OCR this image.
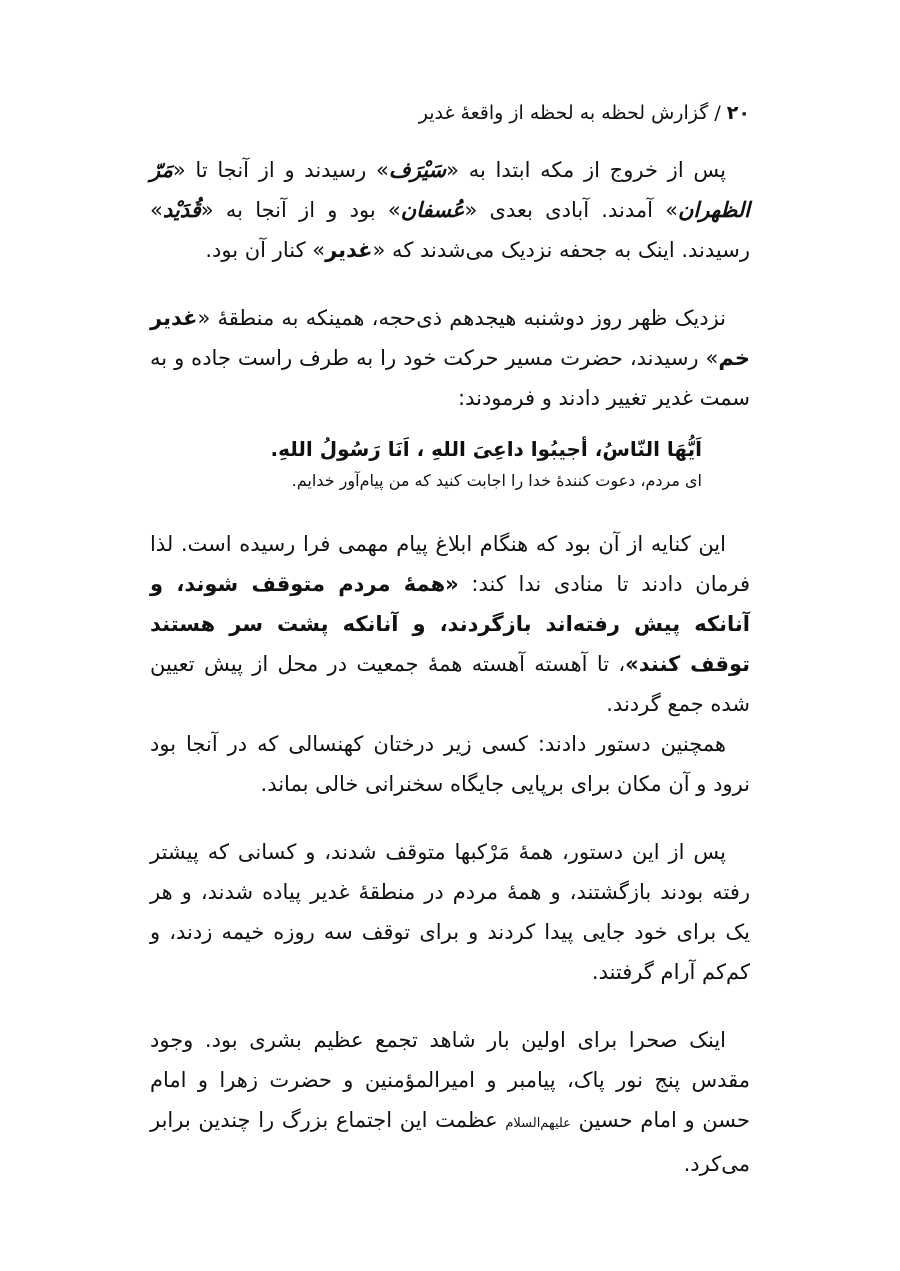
۲۰ / گزارش لحظه به لحظه از واقعهٔ غدیر

پس از خروج از مکه ابتدا به «سَیْرَف» رسیدند و از آنجا تا «مَرّ الظهران» آمدند. آبادی بعدی «عُسفان» بود و از آنجا به «قُدَیْد» رسیدند. اینک به جحفه نزدیک می‌شدند که «غدیر» کنار آن بود.

نزدیک ظهر روز دوشنبه هیجدهم ذی‌حجه، همینکه به منطقهٔ «غدیر خم» رسیدند، حضرت مسیر حرکت خود را به طرف راست جاده و به سمت غدیر تغییر دادند و فرمودند:

اَیُّهَا النّاسُ، أجیبُوا داعِیَ اللهِ ، اَنَا رَسُولُ اللهِ.

ای مردم، دعوت کنندهٔ خدا را اجابت کنید که من پیام‌آور خدایم.

این کنایه از آن بود که هنگام ابلاغ پیام مهمی فرا رسیده است. لذا فرمان دادند تا منادی ندا کند: «همهٔ مردم متوقف شوند، و آنانکه پیش رفته‌اند بازگردند، و آنانکه پشت سر هستند توقف کنند»، تا آهسته آهسته همهٔ جمعیت در محل از پیش تعیین شده جمع گردند.

همچنین دستور دادند: کسی زیر درختان کهنسالی که در آنجا بود نرود و آن مکان برای برپایی جایگاه سخنرانی خالی بماند.

پس از این دستور، همهٔ مَرْکبها متوقف شدند، و کسانی که پیشتر رفته بودند بازگشتند، و همهٔ مردم در منطقهٔ غدیر پیاده شدند، و هر یک برای خود جایی پیدا کردند و برای توقف سه روزه خیمه زدند، و کم‌کم آرام گرفتند.

اینک صحرا برای اولین بار شاهد تجمع عظیم بشری بود. وجود مقدس پنج نور پاک، پیامبر و امیرالمؤمنین و حضرت زهرا و امام حسن و امام حسین علیهم‌السلام عظمت این اجتماع بزرگ را چندین برابر می‌کرد.
